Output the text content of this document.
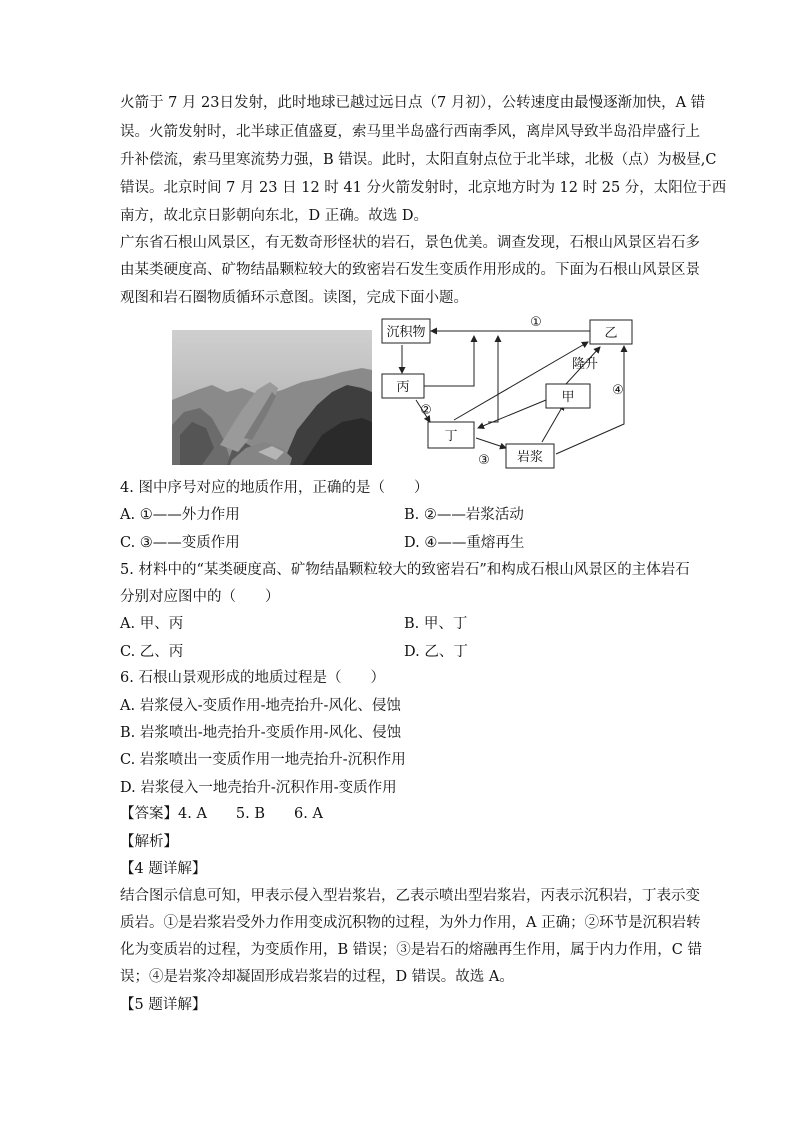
火箭于 7 月 23日发射，此时地球已越过远日点（7 月初），公转速度由最慢逐渐加快，A 错
误。火箭发射时，北半球正值盛夏，索马里半岛盛行西南季风，离岸风导致半岛沿岸盛行上
升补偿流，索马里寒流势力强，B 错误。此时，太阳直射点位于北半球，北极（点）为极昼,C
错误。北京时间 7 月 23 日 12 时 41 分火箭发射时，北京地方时为 12 时 25 分，太阳位于西
南方，故北京日影朝向东北，D 正确。故选 D。
广东省石根山风景区，有无数奇形怪状的岩石，景色优美。调查发现，石根山风景区岩石多
由某类硬度高、矿物结晶颗粒较大的致密岩石发生变质作用形成的。下面为石根山风景区景
观图和岩石圈物质循环示意图。读图，完成下面小题。
沉积物	乙
丙
甲
丁
岩浆
①
②
③
④
隆升
4. 图中序号对应的地质作用，正确的是（　　）
A. ①——外力作用	B. ②——岩浆活动
C. ③——变质作用	D. ④——重熔再生
5. 材料中的“某类硬度高、矿物结晶颗粒较大的致密岩石”和构成石根山风景区的主体岩石
分别对应图中的（　　）
A. 甲、丙	B. 甲、丁
C. 乙、丙	D. 乙、丁
6. 石根山景观形成的地质过程是（　　）
A. 岩浆侵入-变质作用-地壳抬升-风化、侵蚀
B. 岩浆喷出-地壳抬升-变质作用-风化、侵蚀
C. 岩浆喷出一变质作用一地壳抬升-沉积作用
D. 岩浆侵入一地壳抬升-沉积作用-变质作用
【答案】4. A　　5. B　　6. A
【解析】
【4 题详解】
结合图示信息可知，甲表示侵入型岩浆岩，乙表示喷出型岩浆岩，丙表示沉积岩，丁表示变
质岩。①是岩浆岩受外力作用变成沉积物的过程，为外力作用，A 正确；②环节是沉积岩转
化为变质岩的过程，为变质作用，B 错误；③是岩石的熔融再生作用，属于内力作用，C 错
误；④是岩浆冷却凝固形成岩浆岩的过程，D 错误。故选 A。
【5 题详解】
